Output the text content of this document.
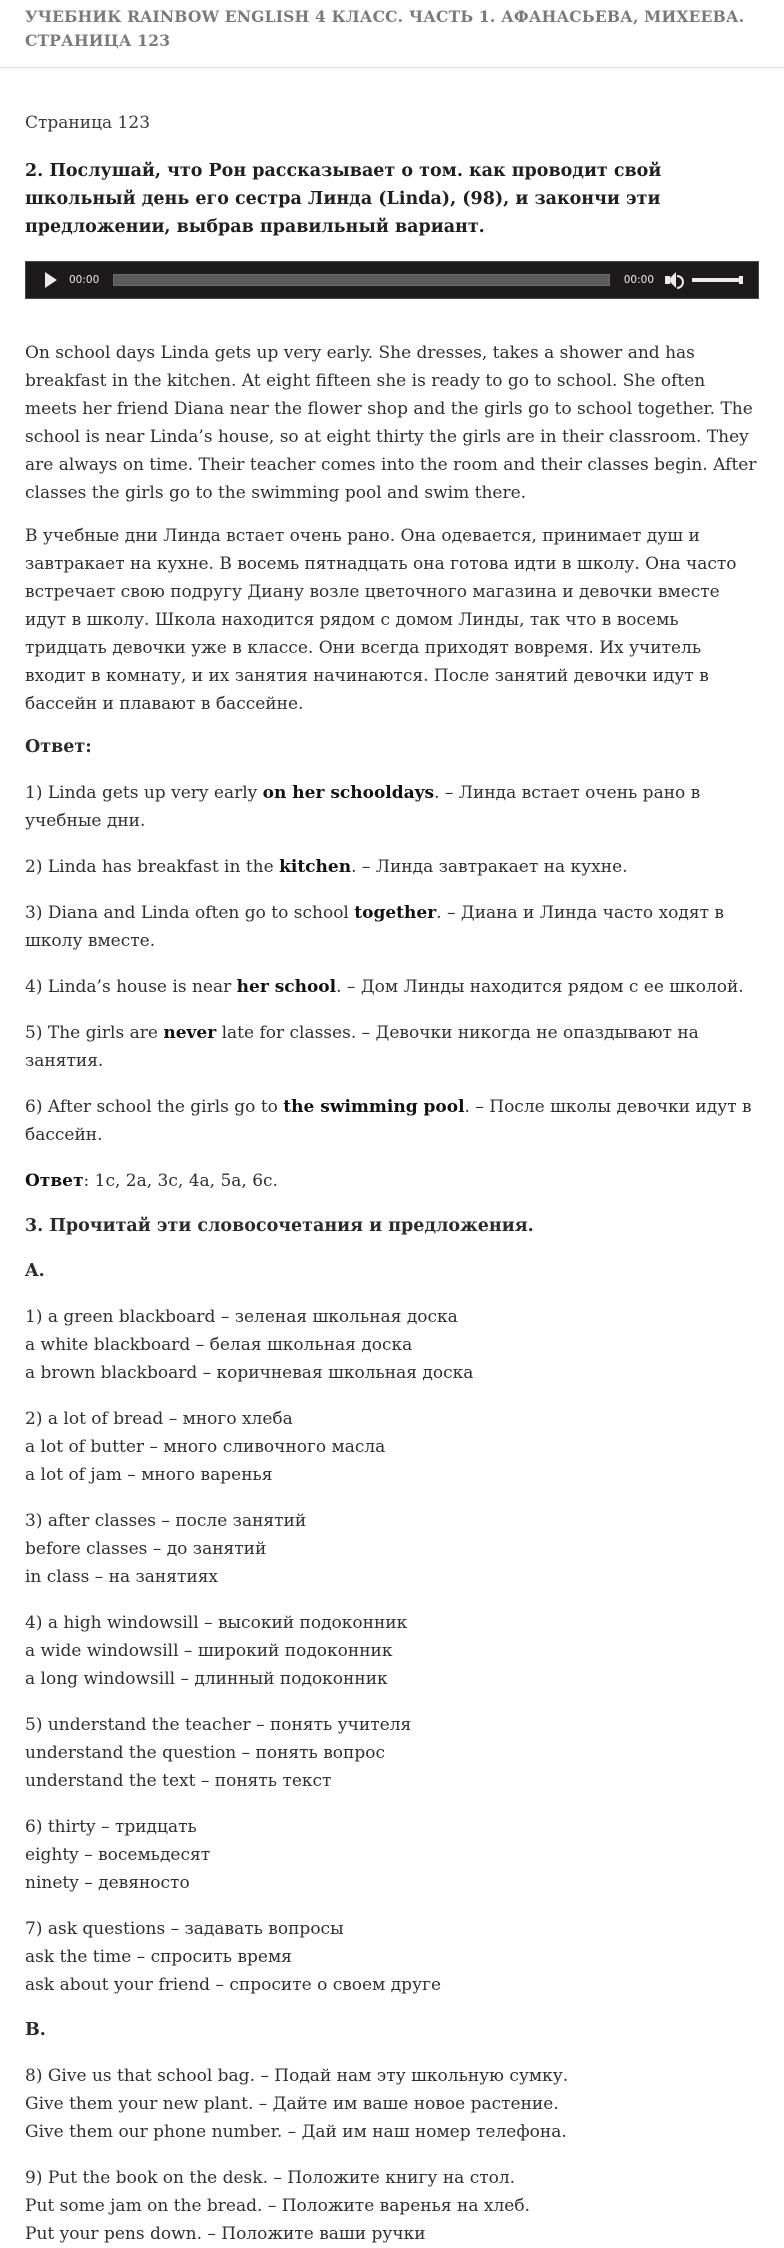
УЧЕБНИК RAINBOW ENGLISH 4 КЛАСС. ЧАСТЬ 1. АФАНАСЬЕВА, МИХЕЕВА. СТРАНИЦА 123

Страница 123

2. Послушай, что Рон рассказывает о том. как проводит свой школьный день его сестра Линда (Linda), (98), и закончи эти предложении, выбрав правильный вариант.

00:00	00:00

On school days Linda gets up very early. She dresses, takes a shower and has breakfast in the kitchen. At eight fifteen she is ready to go to school. She often meets her friend Diana near the flower shop and the girls go to school together. The school is near Linda’s house, so at eight thirty the girls are in their classroom. They are always on time. Their teacher comes into the room and their classes begin. After classes the girls go to the swimming pool and swim there.

В учебные дни Линда встает очень рано. Она одевается, принимает душ и завтракает на кухне. В восемь пятнадцать она готова идти в школу. Она часто встречает свою подругу Диану возле цветочного магазина и девочки вместе идут в школу. Школа находится рядом с домом Линды, так что в восемь тридцать девочки уже в классе. Они всегда приходят вовремя. Их учитель входит в комнату, и их занятия начинаются. После занятий девочки идут в бассейн и плавают в бассейне.

Ответ:

1) Linda gets up very early on her schooldays. – Линда встает очень рано в учебные дни.

2) Linda has breakfast in the kitchen. – Линда завтракает на кухне.

3) Diana and Linda often go to school together. – Диана и Линда часто ходят в школу вместе.

4) Linda’s house is near her school. – Дом Линды находится рядом с ее школой.

5) The girls are never late for classes. – Девочки никогда не опаздывают на занятия.

6) After school the girls go to the swimming pool. – После школы девочки идут в бассейн.

Ответ: 1c, 2a, 3c, 4a, 5a, 6c.

3. Прочитай эти словосочетания и предложения.

A.

1) a green blackboard – зеленая школьная доска
a white blackboard – белая школьная доска
a brown blackboard – коричневая школьная доска

2) a lot of bread – много хлеба
a lot of butter – много сливочного масла
a lot of jam – много варенья

3) after classes – после занятий
before classes – до занятий
in class – на занятиях

4) a high windowsill – высокий подоконник
a wide windowsill – широкий подоконник
a long windowsill – длинный подоконник

5) understand the teacher – понять учителя
understand the question – понять вопрос
understand the text – понять текст

6) thirty – тридцать
eighty – восемьдесят
ninety – девяносто

7) ask questions – задавать вопросы
ask the time – спросить время
ask about your friend – спросите о своем друге

B.

8) Give us that school bag. – Подай нам эту школьную сумку.
Give them your new plant. – Дайте им ваше новое растение.
Give them our phone number. – Дай им наш номер телефона.

9) Put the book on the desk. – Положите книгу на стол.
Put some jam on the bread. – Положите варенья на хлеб.
Put your pens down. – Положите ваши ручки
